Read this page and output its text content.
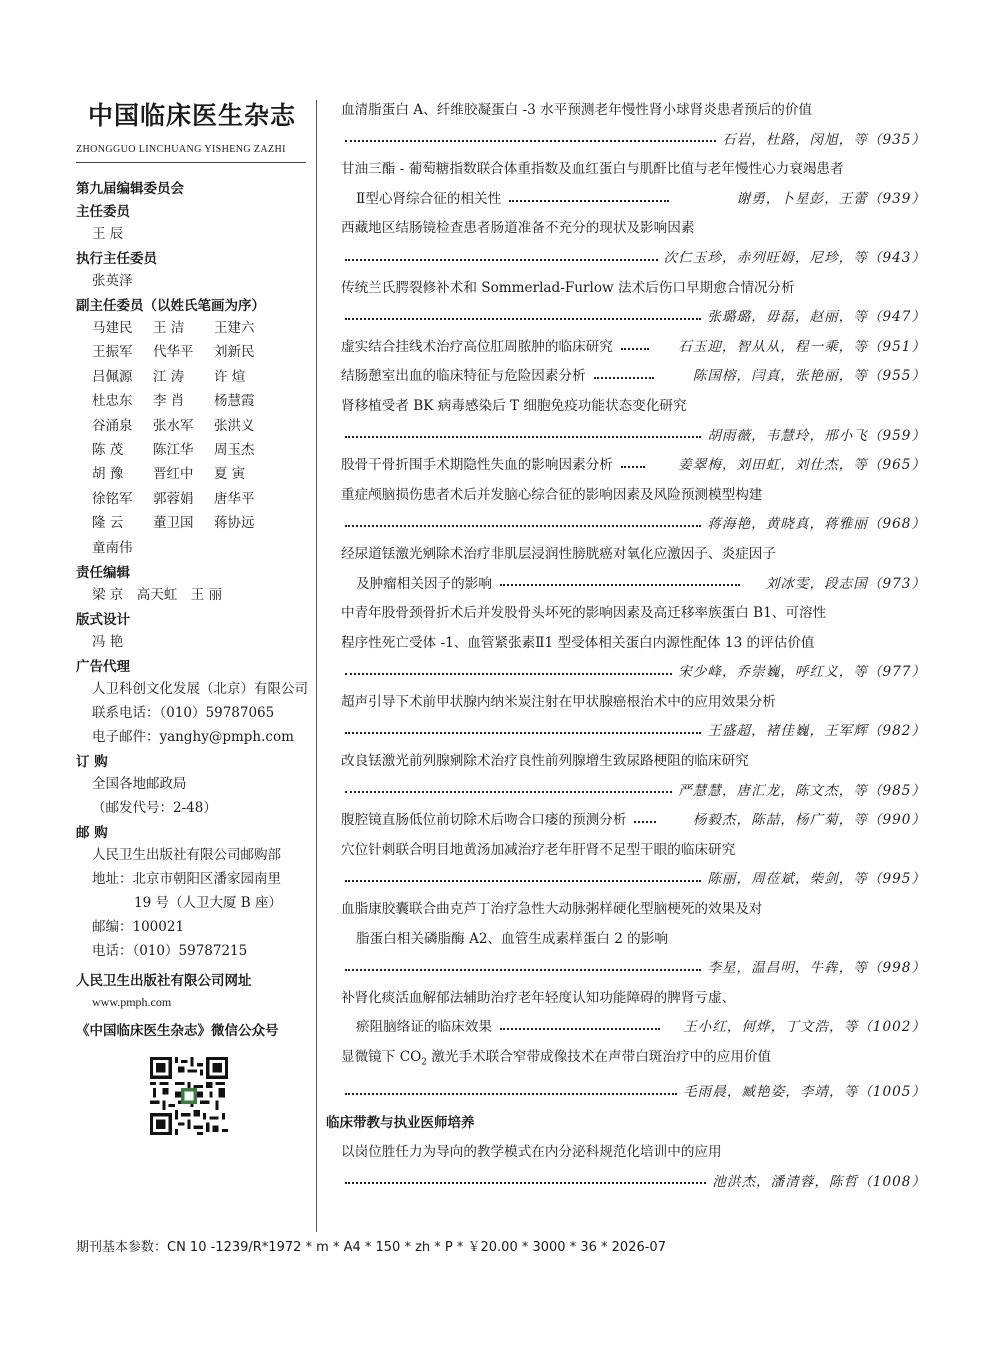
中国临床医生杂志
ZHONGGUO LINCHUANG YISHENG ZAZHI
第九届编辑委员会
主任委员
王 辰
执行主任委员
张英泽
副主任委员（以姓氏笔画为序）
马建民	王 洁	王建六
王振军	代华平	刘新民
吕佩源	江 涛	许 煊
杜忠东	李 肖	杨慧霞
谷涌泉	张水军	张洪义
陈 茂	陈江华	周玉杰
胡 豫	晋红中	夏 寅
徐铭军	郭蓉娟	唐华平
隆 云	董卫国	蒋协远
童南伟
责任编辑
梁 京　高天虹　王 丽
版式设计
冯 艳
广告代理
人卫科创文化发展（北京）有限公司
联系电话：（010）59787065
电子邮件：yanghy@pmph.com
订 购
全国各地邮政局
（邮发代号：2-48）
邮 购
人民卫生出版社有限公司邮购部
地址：北京市朝阳区潘家园南里
19 号（人卫大厦 B 座）
邮编：100021
电话：（010）59787215
人民卫生出版社有限公司网址
www.pmph.com
《中国临床医生杂志》微信公众号
血清脂蛋白 A、纤维胶凝蛋白 -3 水平预测老年慢性肾小球肾炎患者预后的价值
石岩，杜路，闵旭，等（935）
甘油三酯 - 葡萄糖指数联合体重指数及血红蛋白与肌酐比值与老年慢性心力衰竭患者
Ⅱ型心肾综合征的相关性	谢勇，卜星彭，王蕾（939）
西藏地区结肠镜检查患者肠道准备不充分的现状及影响因素
次仁玉珍，赤列旺姆，尼珍，等（943）
传统兰氏腭裂修补术和 Sommerlad-Furlow 法术后伤口早期愈合情况分析
张璐璐，毋磊，赵丽，等（947）
虚实结合挂线术治疗高位肛周脓肿的临床研究	石玉迎，智从从，程一乘，等（951）
结肠憩室出血的临床特征与危险因素分析	陈国榕，闫真，张艳丽，等（955）
肾移植受者 BK 病毒感染后 T 细胞免疫功能状态变化研究
胡雨薇，韦慧玲，邢小飞（959）
股骨干骨折围手术期隐性失血的影响因素分析	姜翠梅，刘田虹，刘仕杰，等（965）
重症颅脑损伤患者术后并发脑心综合征的影响因素及风险预测模型构建
蒋海艳，黄晓真，蒋雅丽（968）
经尿道铥激光剜除术治疗非肌层浸润性膀胱癌对氧化应激因子、炎症因子
及肿瘤相关因子的影响	刘冰雯，段志国（973）
中青年股骨颈骨折术后并发股骨头坏死的影响因素及高迁移率族蛋白 B1、可溶性
程序性死亡受体 -1、血管紧张素Ⅱ1 型受体相关蛋白内源性配体 13 的评估价值
宋少峰，乔崇巍，呼红义，等（977）
超声引导下术前甲状腺内纳米炭注射在甲状腺癌根治术中的应用效果分析
王盛超，褚佳巍，王军辉（982）
改良铥激光前列腺剜除术治疗良性前列腺增生致尿路梗阻的临床研究
严慧慧，唐汇龙，陈文杰，等（985）
腹腔镜直肠低位前切除术后吻合口瘘的预测分析	杨毅杰，陈喆，杨广菊，等（990）
穴位针刺联合明目地黄汤加减治疗老年肝肾不足型干眼的临床研究
陈丽，周莅斌，柴剑，等（995）
血脂康胶囊联合曲克芦丁治疗急性大动脉粥样硬化型脑梗死的效果及对
脂蛋白相关磷脂酶 A2、血管生成素样蛋白 2 的影响
李星，温昌明，牛犇，等（998）
补肾化痰活血解郁法辅助治疗老年轻度认知功能障碍的脾肾亏虚、
瘀阻脑络证的临床效果	王小红，何烨，丁文浩，等（1002）
显微镜下 $CO_2$ 激光手术联合窄带成像技术在声带白斑治疗中的应用价值
毛雨晨，臧艳姿，李靖，等（1005）
临床带教与执业医师培养
以岗位胜任力为导向的教学模式在内分泌科规范化培训中的应用
池洪杰，潘清蓉，陈哲（1008）
期刊基本参数：CN 10 -1239/R*1972 * m * A4 * 150 * zh * P * ￥20.00 * 3000 * 36 * 2026-07
